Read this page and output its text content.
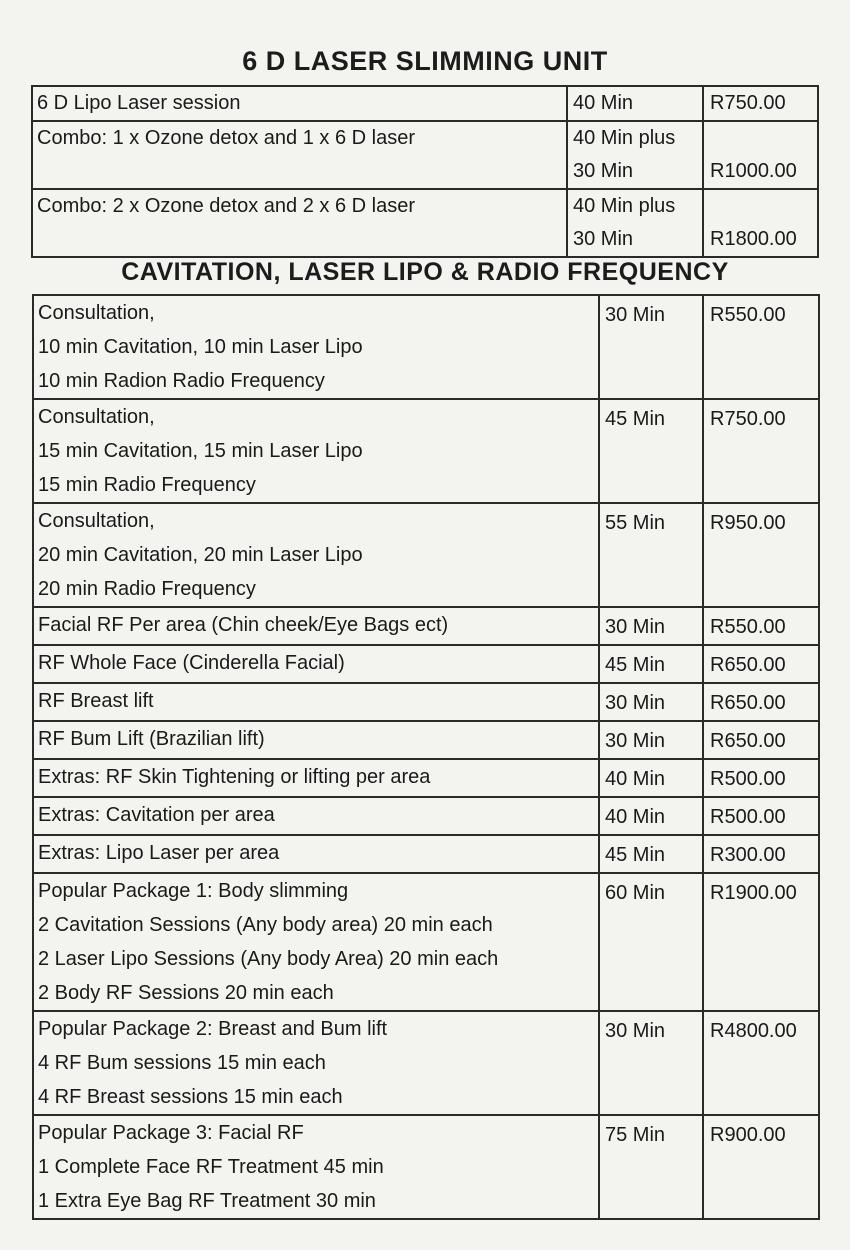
6 D LASER SLIMMING UNIT
6 D Lipo Laser session	40 Min	R750.00

Combo: 1 x Ozone detox and 1 x 6 D laser	40 Min plus
30 Min	R1000.00

Combo: 2 x Ozone detox and 2 x 6 D laser	40 Min plus
30 Min	R1800.00
CAVITATION, LASER LIPO & RADIO FREQUENCY
Consultation,
10 min Cavitation, 10 min Laser Lipo
10 min Radion Radio Frequency	30 Min	R550.00

Consultation,
15 min Cavitation, 15 min Laser Lipo
15 min Radio Frequency	45 Min	R750.00

Consultation,
20 min Cavitation, 20 min Laser Lipo
20 min Radio Frequency	55 Min	R950.00

Facial RF Per area (Chin cheek/Eye Bags ect)	30 Min	R550.00

RF Whole Face (Cinderella Facial)	45 Min	R650.00

RF Breast lift	30 Min	R650.00

RF Bum Lift (Brazilian lift)	30 Min	R650.00

Extras: RF Skin Tightening or lifting per area	40 Min	R500.00

Extras: Cavitation per area	40 Min	R500.00

Extras: Lipo Laser per area	45 Min	R300.00

Popular Package 1: Body slimming
2 Cavitation Sessions (Any body area) 20 min each
2 Laser Lipo Sessions (Any body Area) 20 min each
2 Body RF Sessions 20 min each	60 Min	R1900.00

Popular Package 2: Breast and Bum lift
4 RF Bum sessions 15 min each
4 RF Breast sessions 15 min each	30 Min	R4800.00

Popular Package 3: Facial RF
1 Complete Face RF Treatment 45 min
1 Extra Eye Bag RF Treatment 30 min	75 Min	R900.00
